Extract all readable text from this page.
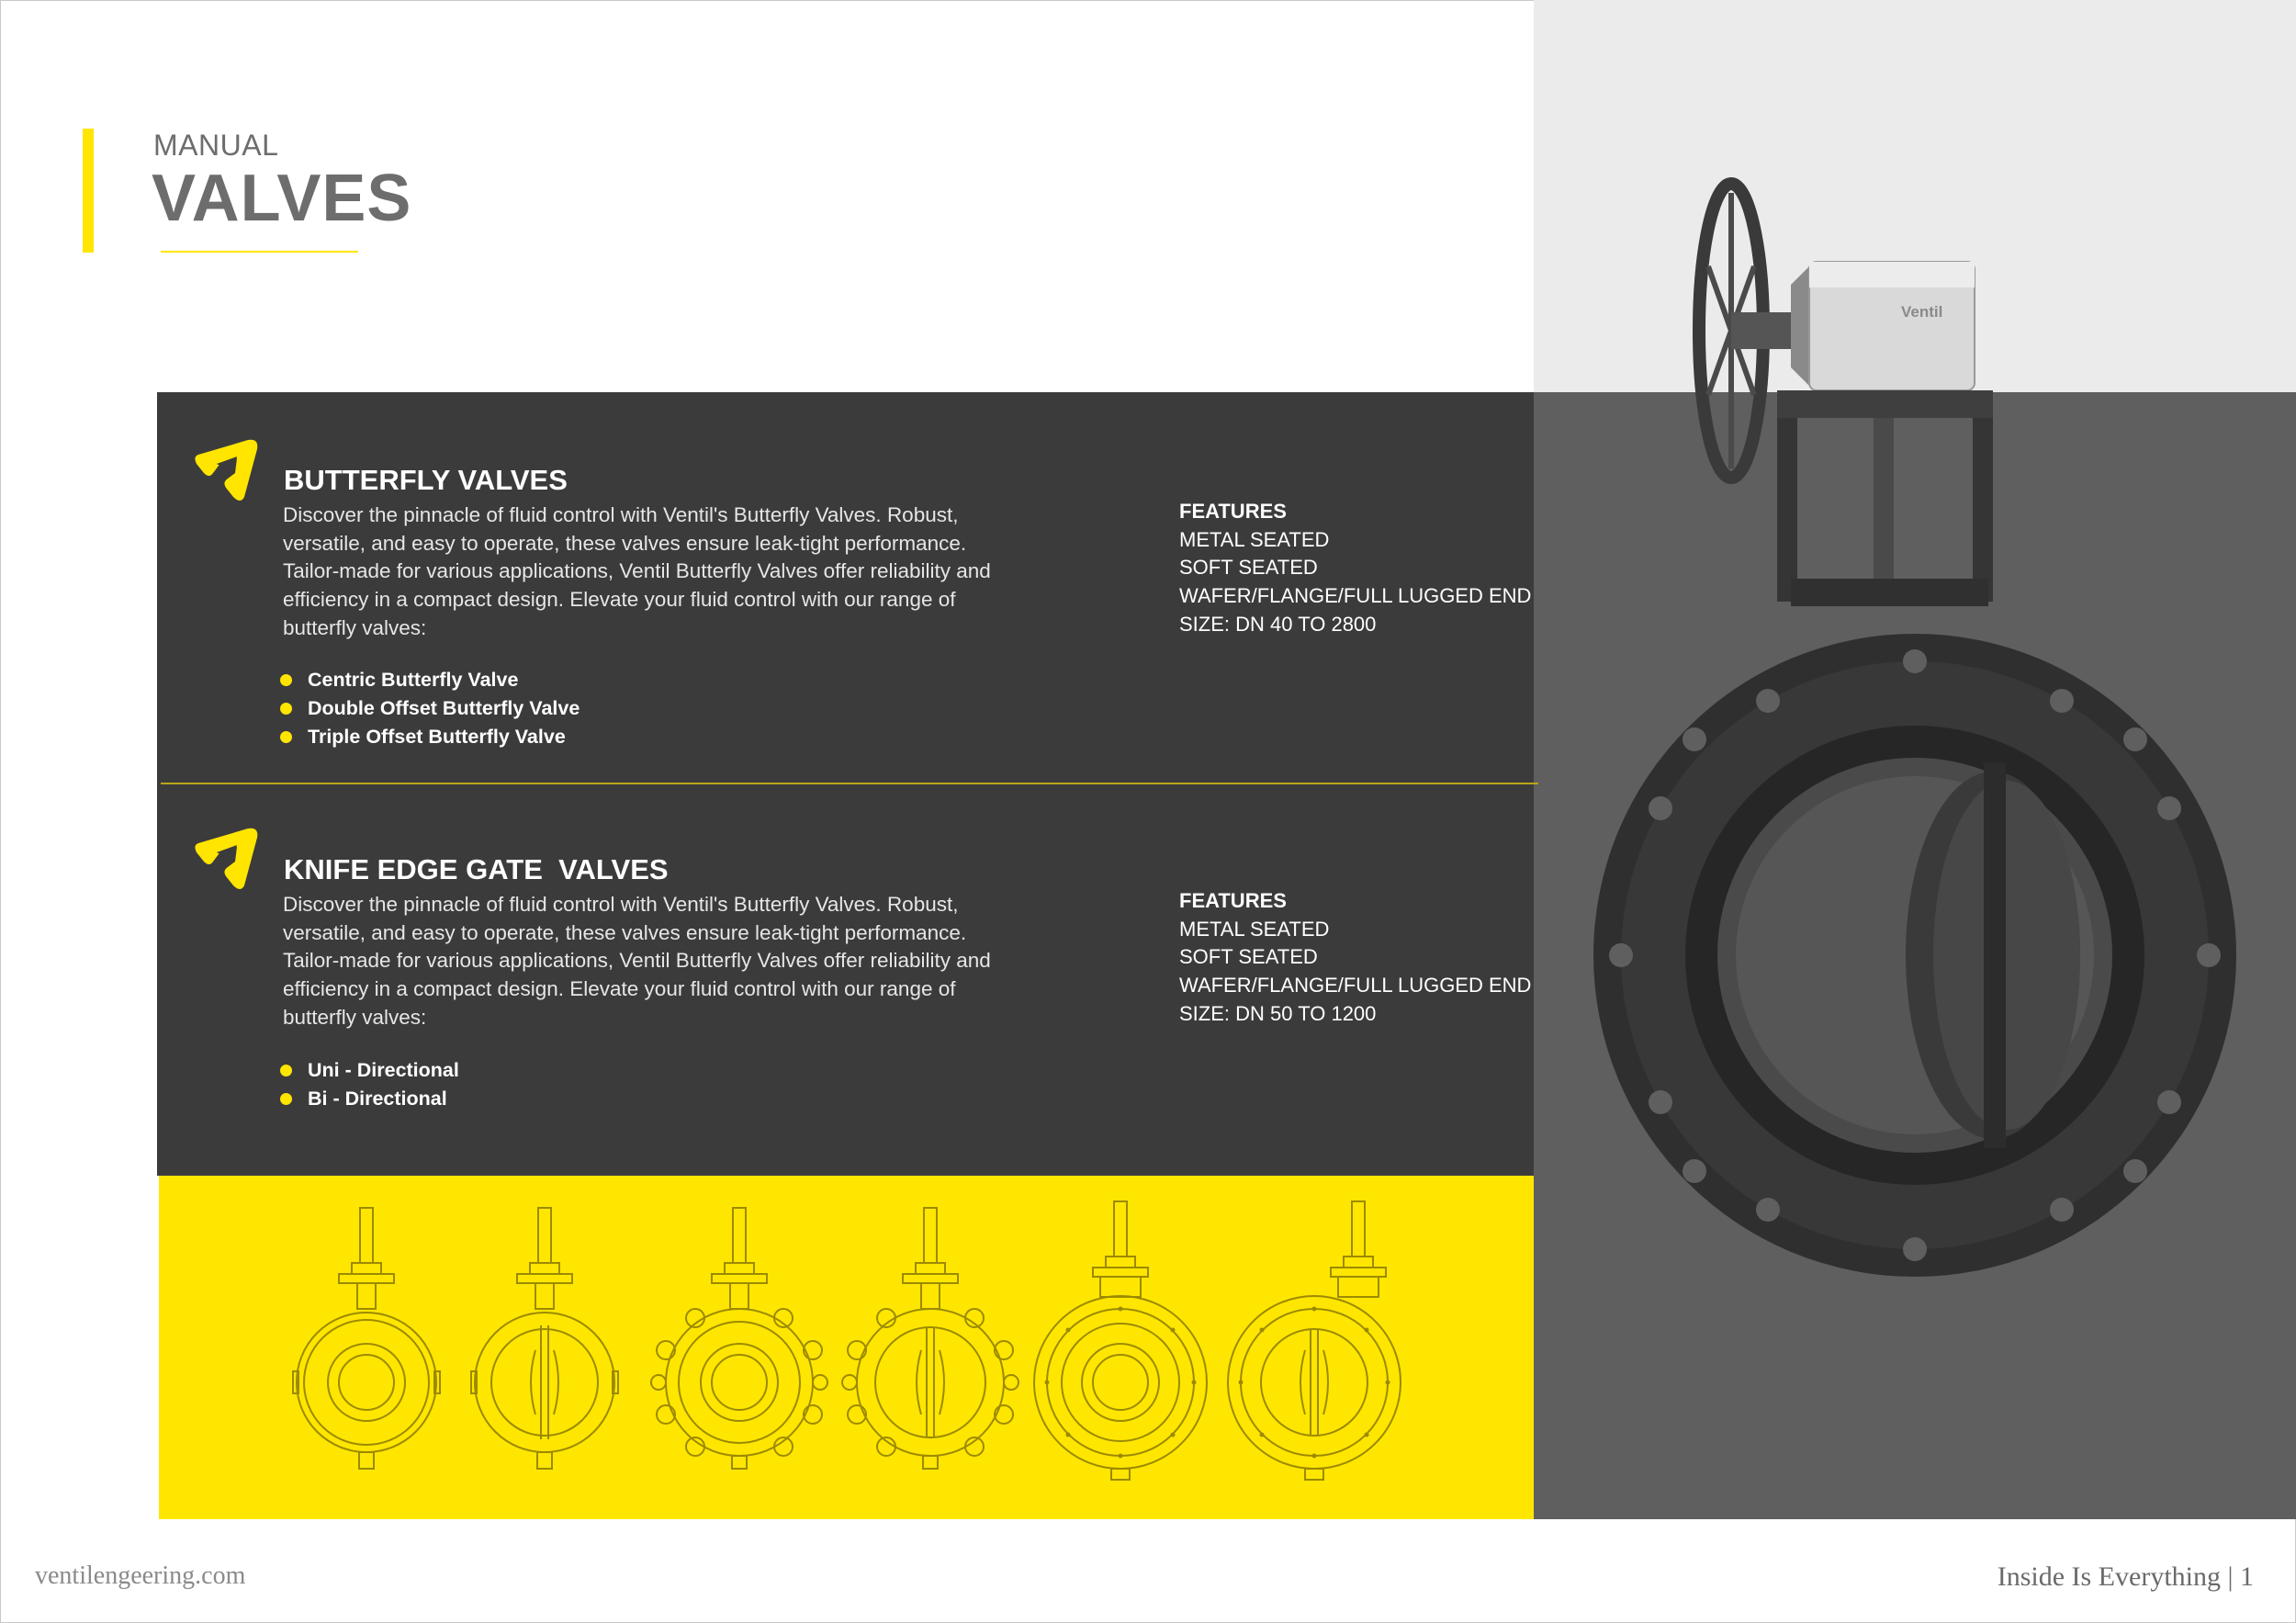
MANUAL
VALVES
BUTTERFLY VALVES
Discover the pinnacle of fluid control with Ventil's Butterfly Valves. Robust, versatile, and easy to operate, these valves ensure leak-tight performance. Tailor-made for various applications, Ventil Butterfly Valves offer reliability and efficiency in a compact design. Elevate your fluid control with our range of butterfly valves:
Centric Butterfly Valve
Double Offset Butterfly Valve
Triple Offset Butterfly Valve
FEATURES
METAL SEATED
SOFT SEATED
WAFER/FLANGE/FULL LUGGED END
SIZE: DN 40 TO 2800
KNIFE EDGE GATE  VALVES
Discover the pinnacle of fluid control with Ventil's Butterfly Valves. Robust, versatile, and easy to operate, these valves ensure leak-tight performance. Tailor-made for various applications, Ventil Butterfly Valves offer reliability and efficiency in a compact design. Elevate your fluid control with our range of butterfly valves:
Uni - Directional
Bi - Directional
FEATURES
METAL SEATED
SOFT SEATED
WAFER/FLANGE/FULL LUGGED END
SIZE: DN 50 TO 1200
Ventil
ventilengeering.com	Inside Is Everything | 1
